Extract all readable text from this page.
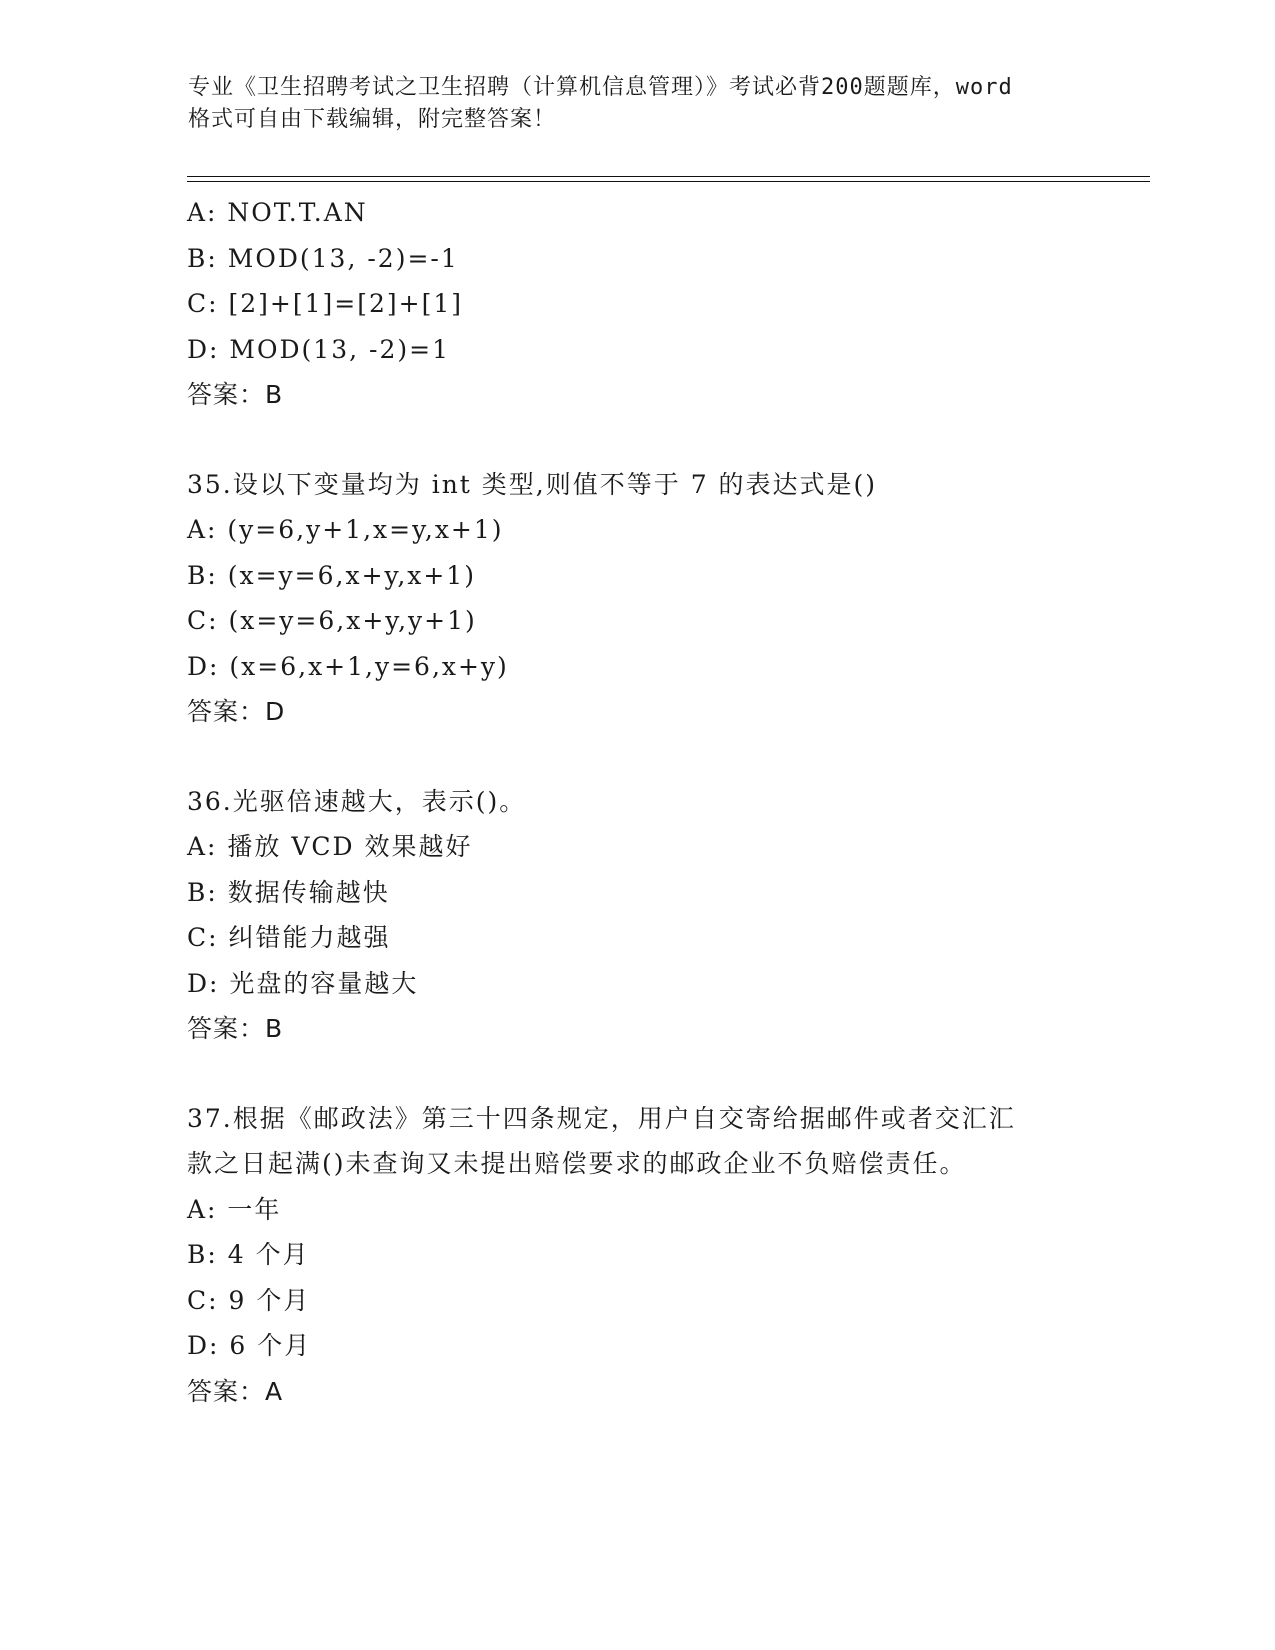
专业《卫生招聘考试之卫生招聘（计算机信息管理）》考试必背200题题库，word
格式可自由下载编辑，附完整答案！
A: NOT.T.AN
B: MOD(13, -2)=-1
C: [2]+[1]=[2]+[1]
D: MOD(13, -2)=1
答案：B
35.设以下变量均为 int 类型,则值不等于 7 的表达式是()
A: (y=6,y+1,x=y,x+1)
B: (x=y=6,x+y,x+1)
C: (x=y=6,x+y,y+1)
D: (x=6,x+1,y=6,x+y)
答案：D
36.光驱倍速越大，表示()。
A: 播放 VCD 效果越好
B: 数据传输越快
C: 纠错能力越强
D: 光盘的容量越大
答案：B
37.根据《邮政法》第三十四条规定，用户自交寄给据邮件或者交汇汇
款之日起满()未查询又未提出赔偿要求的邮政企业不负赔偿责任。
A: 一年
B: 4 个月
C: 9 个月
D: 6 个月
答案：A
